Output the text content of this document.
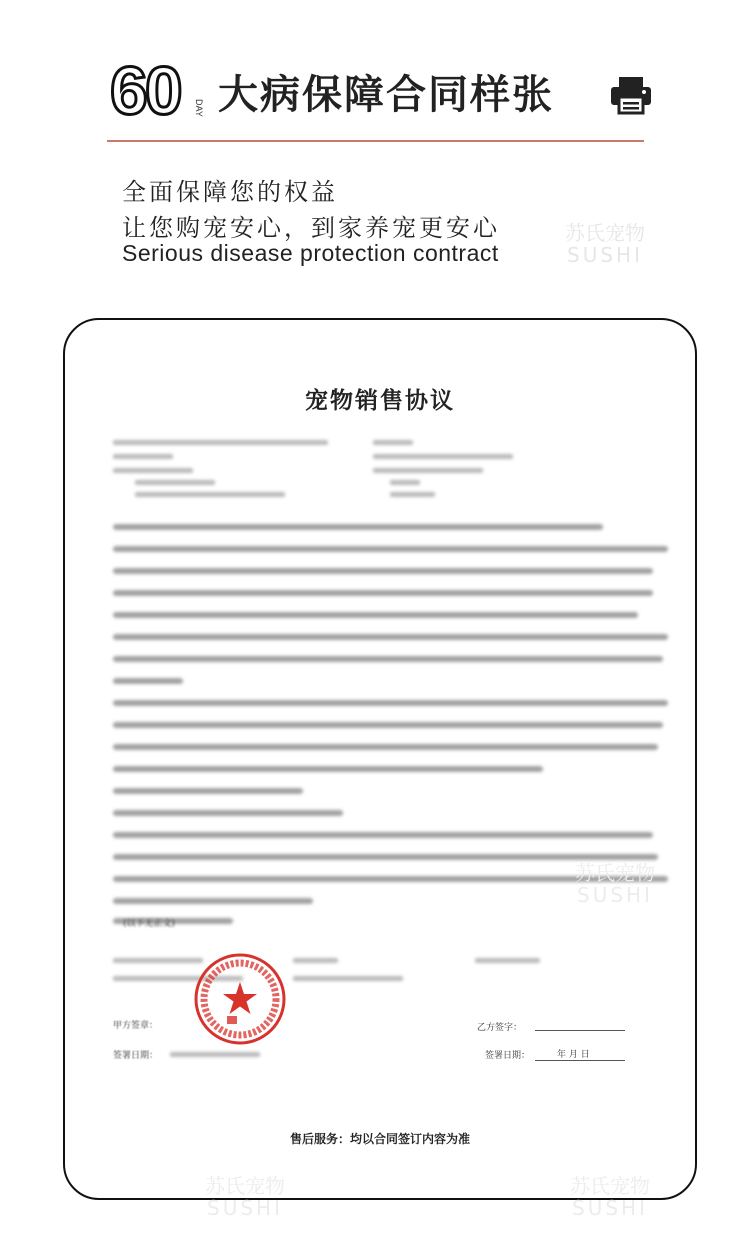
苏氏宠物
SUSHI
苏氏宠物
SUSHI
苏氏宠物
SUSHI
苏氏宠物
SUSHI
60 DAY 大病保障合同样张
全面保障您的权益
让您购宠安心，到家养宠更安心
Serious disease protection contract
宠物销售协议
(以下无正文)
甲方签章：	乙方签字：
签署日期：	签署日期：	年 月 日
售后服务：均以合同签订内容为准
